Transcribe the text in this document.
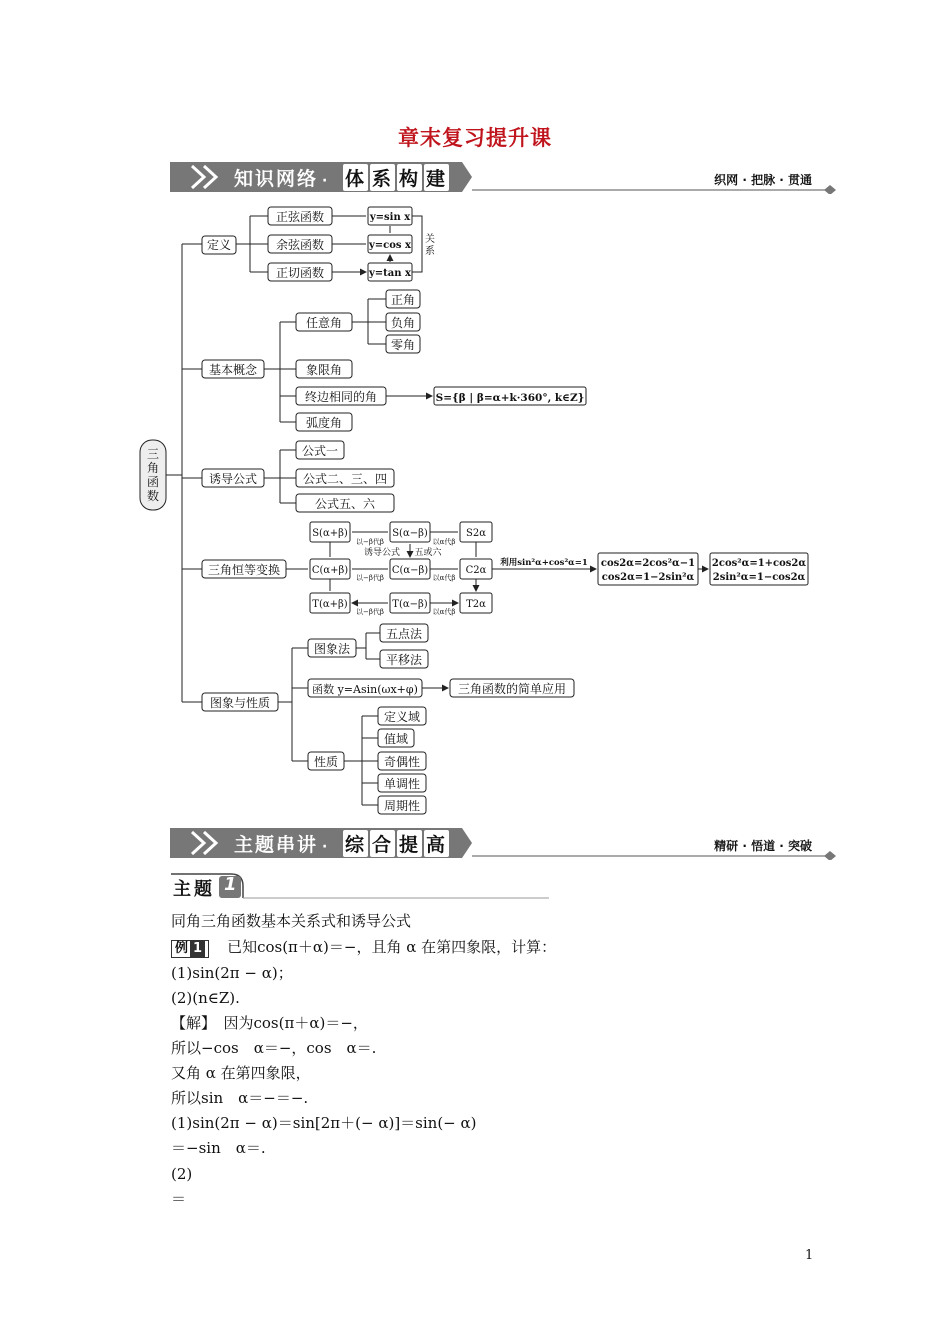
章末复习提升课
知识网络 · 体 系 构 建	织网 · 把脉 · 贯通
三
角
函
数
定义
正弦函数
余弦函数
正切函数
y=sin x
y=cos x
y=tan x
关
系
基本概念
任意角
正角
负角
零角
象限角
终边相同的角	S={β | β=α+k·360°, k∈Z}
弧度角
诱导公式
公式一
公式二、三、四
公式五、六
三角恒等变换
S(α+β)	S(α−β)	S2α
C(α+β)	C(α−β)	C2α
T(α+β)	T(α−β)	T2α
以−β代β
以−β代β
以−β代β
以α代β
以α代β
以α代β
诱导公式 五或六
利用sin²α+cos²α=1 cos2α=2cos²α−1
cos2α=1−2sin²α
2cos²α=1+cos2α
2sin²α=1−cos2α
图象与性质
图象法
五点法
平移法
函数 y=Asin(ωx+φ)	三角函数的简单应用
性质
定义域
值域
奇偶性
单调性
周期性
主题串讲 · 综 合 提 高	精研 · 悟道 · 突破
主题 1
同角三角函数基本关系式和诱导公式
例 1 已知cos(π＋α)＝−，且角 α 在第四象限，计算：
(1)sin(2π − α)；
(2)(n∈Z).
【解】　因为cos(π＋α)＝−，
所以−cos　α＝−，cos　α＝.
又角 α 在第四象限，
所以sin　α＝−＝−.
(1)sin(2π − α)＝sin[2π＋(− α)]＝sin(− α)
＝−sin　α＝.
(2)
＝
1
